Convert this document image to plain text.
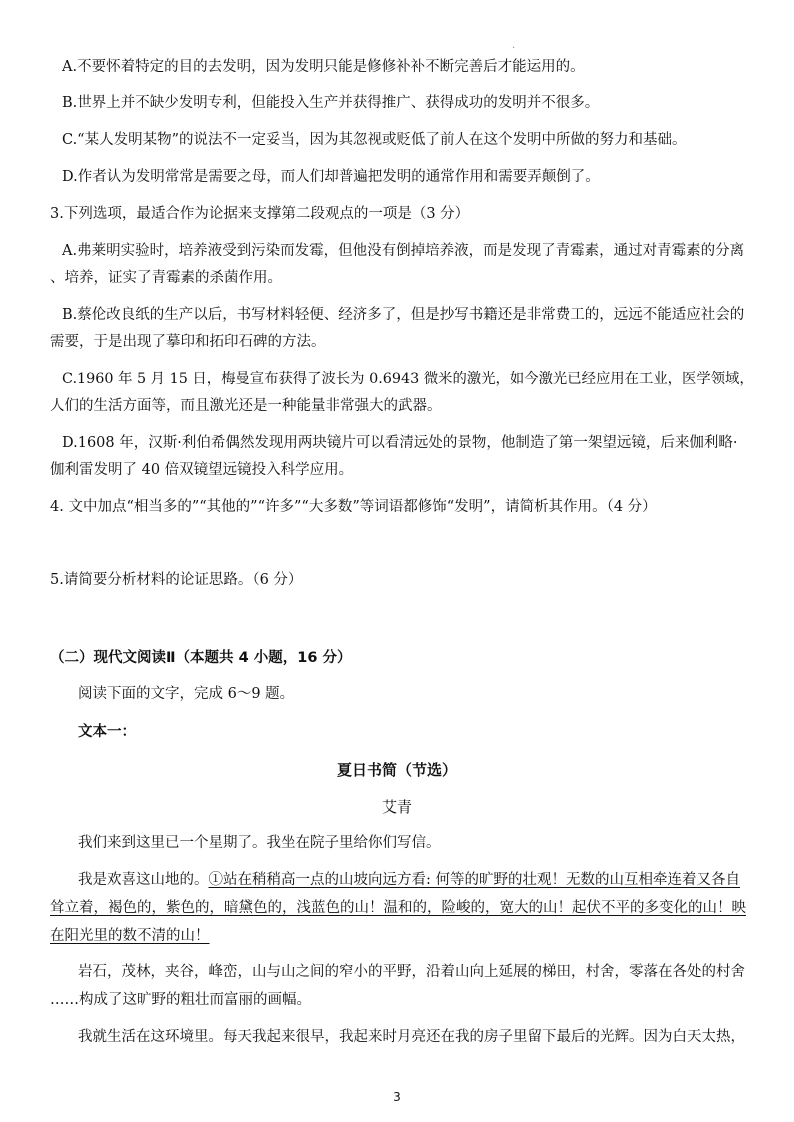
.
A.不要怀着特定的目的去发明，因为发明只能是修修补补不断完善后才能运用的。
B.世界上并不缺少发明专利，但能投入生产并获得推广、获得成功的发明并不很多。
C.“某人发明某物”的说法不一定妥当，因为其忽视或贬低了前人在这个发明中所做的努力和基础。
D.作者认为发明常常是需要之母，而人们却普遍把发明的通常作用和需要弄颠倒了。
3.下列选项，最适合作为论据来支撑第二段观点的一项是（3 分）
A.弗莱明实验时，培养液受到污染而发霉，但他没有倒掉培养液，而是发现了青霉素，通过对青霉素的分离
、培养，证实了青霉素的杀菌作用。
B.蔡伦改良纸的生产以后，书写材料轻便、经济多了，但是抄写书籍还是非常费工的，远远不能适应社会的
需要，于是出现了摹印和拓印石碑的方法。
C.1960 年 5 月 15 日，梅曼宣布获得了波长为 0.6943 微米的激光，如今激光已经应用在工业，医学领域，
人们的生活方面等，而且激光还是一种能量非常强大的武器。
D.1608 年，汉斯·利伯希偶然发现用两块镜片可以看清远处的景物，他制造了第一架望远镜，后来伽利略·
伽利雷发明了 40 倍双镜望远镜投入科学应用。
4. 文中加点“相当多的”“其他的”“许多”“大多数”等词语都修饰“发明”，请简析其作用。（4 分）
5.请简要分析材料的论证思路。（6 分）
（二）现代文阅读Ⅱ（本题共 4 小题，16 分）
阅读下面的文字，完成 6～9 题。
文本一：
夏日书简（节选）
艾青
我们来到这里已一个星期了。我坐在院子里给你们写信。
我是欢喜这山地的。①站在稍稍高一点的山坡向远方看: 何等的旷野的壮观！无数的山互相牵连着又各自
耸立着，褐色的，紫色的，暗黛色的，浅蓝色的山！温和的，险峻的，宽大的山！起伏不平的多变化的山！映
在阳光里的数不清的山！
岩石，茂林，夹谷，峰峦，山与山之间的窄小的平野，沿着山向上延展的梯田，村舍，零落在各处的村舍
……构成了这旷野的粗壮而富丽的画幅。
我就生活在这环境里。每天我起来很早，我起来时月亮还在我的房子里留下最后的光辉。因为白天太热，
3
